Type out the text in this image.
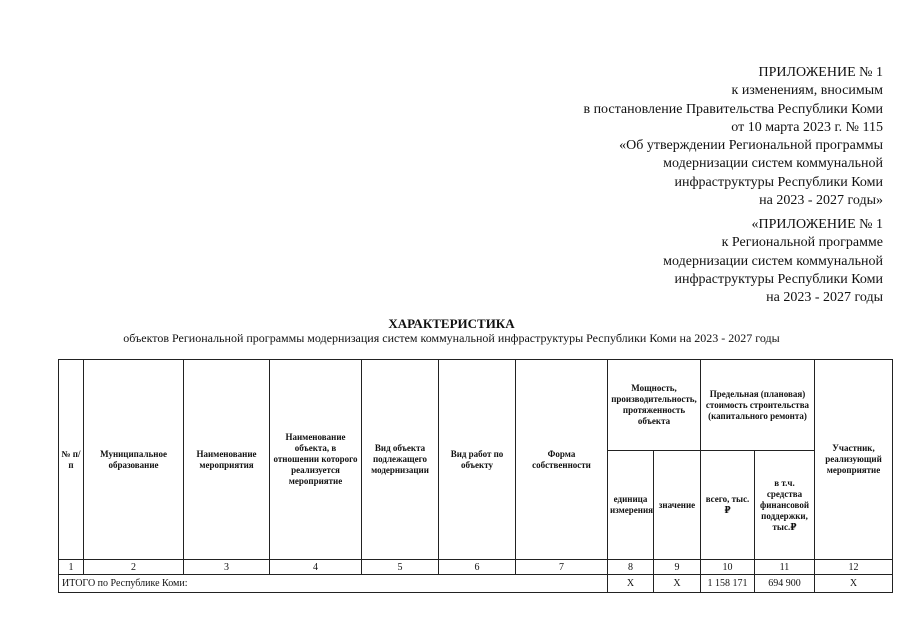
ПРИЛОЖЕНИЕ № 1
к изменениям, вносимым
в постановление Правительства Республики Коми
от 10 марта 2023 г. № 115
«Об утверждении Региональной программы
модернизации систем коммунальной
инфраструктуры Республики Коми
на 2023 - 2027 годы»
«ПРИЛОЖЕНИЕ № 1
к Региональной программе
модернизации систем коммунальной
инфраструктуры Республики Коми
на 2023 - 2027 годы
ХАРАКТЕРИСТИКА
объектов Региональной программы модернизация систем коммунальной инфраструктуры Республики Коми на 2023 - 2027 годы
№ п/п	Муниципальное образование	Наименование мероприятия	Наименование объекта, в отношении которого реализуется мероприятие	Вид объекта подлежащего модернизации	Вид работ по объекту	Форма собственности	Мощность, производительность, протяженность объекта		Предельная (плановая) стоимость строительства (капитального ремонта)		Участник, реализующий мероприятие
							единица измерения	значение	всего, тыс.₽	в т.ч. средства финансовой поддержки, тыс.₽	
1	2	3	4	5	6	7	8	9	10	11	12
ИТОГО по Республике Коми:							X	X	1 158 171	694 900	X
